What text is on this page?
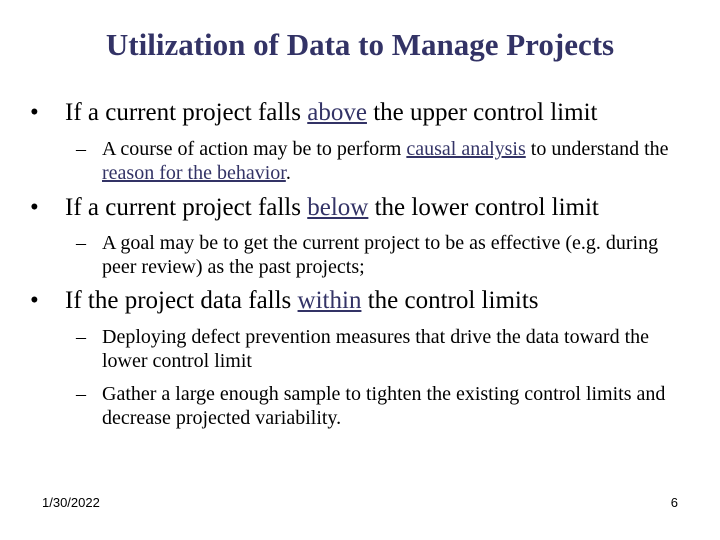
Utilization of Data to Manage Projects
•	If a current project falls above the upper control limit
– A course of action may be to perform causal analysis to understand the reason for the behavior.
•	If a current project falls below the lower control limit
– A goal may be to get the current project to be as effective (e.g. during peer review) as the past projects;
•	If the project data falls within the control limits
– Deploying defect prevention measures that drive the data toward the lower control limit
– Gather a large enough sample to tighten the existing control limits and decrease projected variability.
1/30/2022	6
